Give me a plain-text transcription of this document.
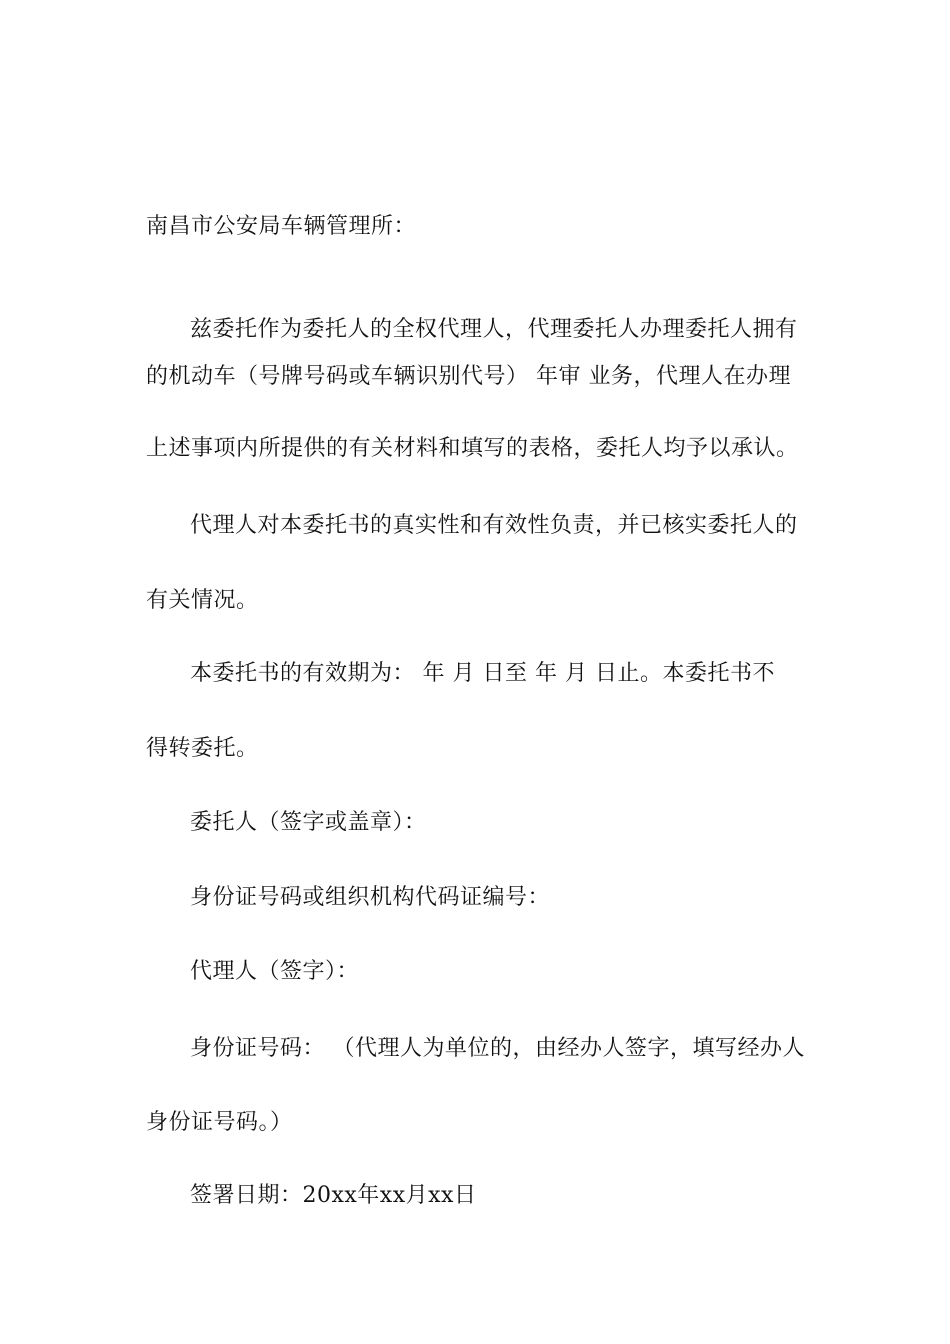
南昌市公安局车辆管理所：
兹委托作为委托人的全权代理人，代理委托人办理委托人拥有
的机动车（号牌号码或车辆识别代号） 年审 业务，代理人在办理
上述事项内所提供的有关材料和填写的表格，委托人均予以承认。
代理人对本委托书的真实性和有效性负责，并已核实委托人的
有关情况。
本委托书的有效期为： 年 月 日至 年 月 日止。本委托书不
得转委托。
委托人（签字或盖章）：
身份证号码或组织机构代码证编号：
代理人（签字）：
身份证号码： （代理人为单位的，由经办人签字，填写经办人
身份证号码。）
签署日期：20xx年xx月xx日
